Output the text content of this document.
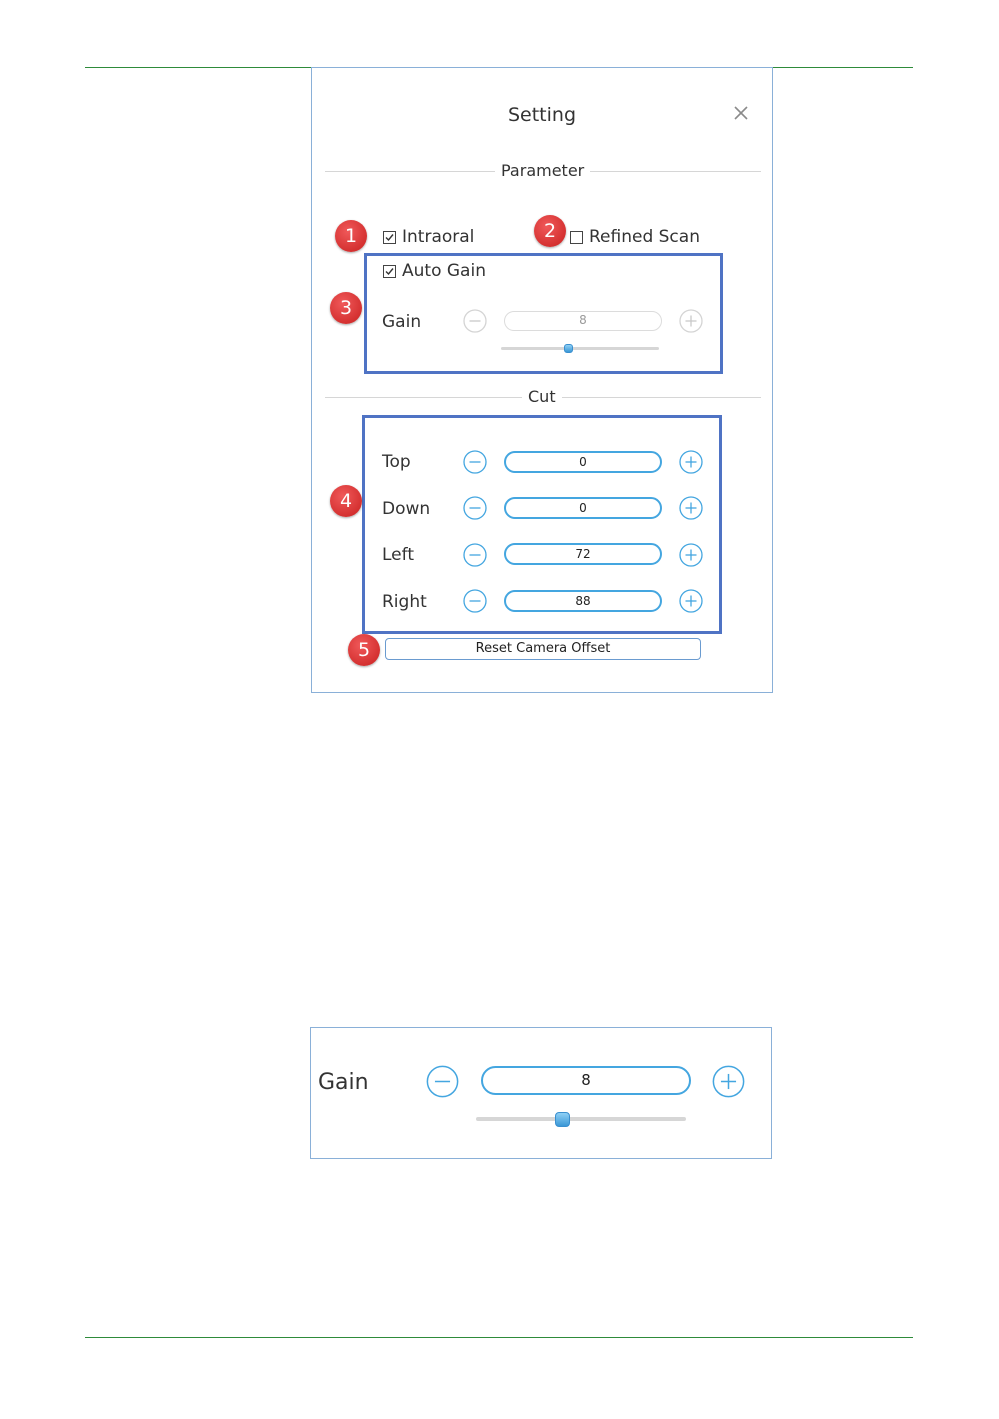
Setting
Parameter
Intraoral	Refined Scan
Auto Gain
Gain	8
Cut
Top	0
Down	0
Left	72
Right	88
Reset Camera Offset
1	2
3
4
5
Gain	8
